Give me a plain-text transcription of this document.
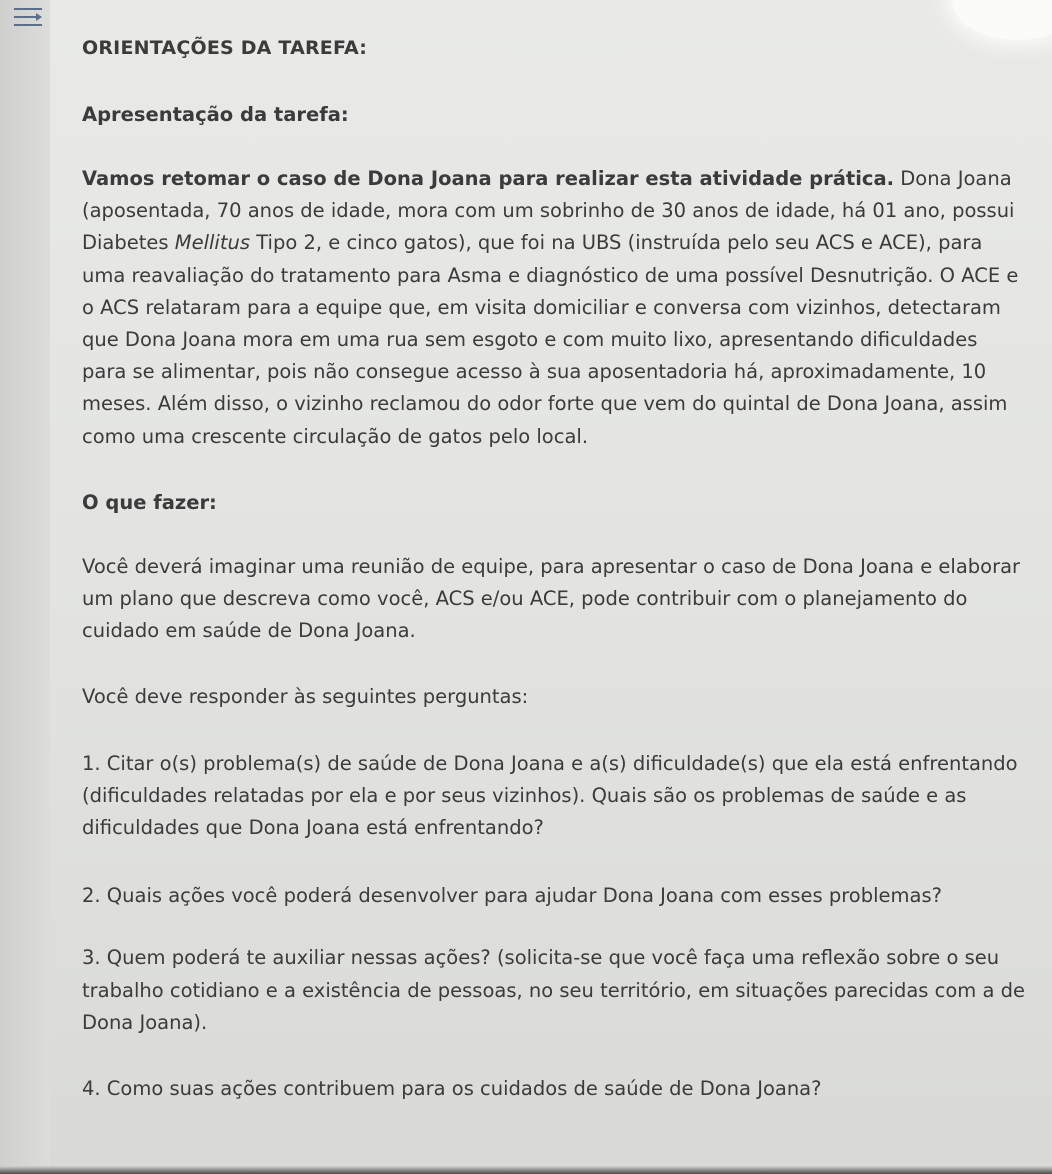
ORIENTAÇÕES DA TAREFA:
Apresentação da tarefa:

Vamos retomar o caso de Dona Joana para realizar esta atividade prática. Dona Joana (aposentada, 70 anos de idade, mora com um sobrinho de 30 anos de idade, há 01 ano, possui Diabetes Mellitus Tipo 2, e cinco gatos), que foi na UBS (instruída pelo seu ACS e ACE), para uma reavaliação do tratamento para Asma e diagnóstico de uma possível Desnutrição. O ACE e o ACS relataram para a equipe que, em visita domiciliar e conversa com vizinhos, detectaram que Dona Joana mora em uma rua sem esgoto e com muito lixo, apresentando dificuldades para se alimentar, pois não consegue acesso à sua aposentadoria há, aproximadamente, 10 meses. Além disso, o vizinho reclamou do odor forte que vem do quintal de Dona Joana, assim como uma crescente circulação de gatos pelo local.

O que fazer:

Você deverá imaginar uma reunião de equipe, para apresentar o caso de Dona Joana e elaborar um plano que descreva como você, ACS e/ou ACE, pode contribuir com o planejamento do cuidado em saúde de Dona Joana.

Você deve responder às seguintes perguntas:

1. Citar o(s) problema(s) de saúde de Dona Joana e a(s) dificuldade(s) que ela está enfrentando (dificuldades relatadas por ela e por seus vizinhos). Quais são os problemas de saúde e as dificuldades que Dona Joana está enfrentando?

2. Quais ações você poderá desenvolver para ajudar Dona Joana com esses problemas?

3. Quem poderá te auxiliar nessas ações? (solicita-se que você faça uma reflexão sobre o seu trabalho cotidiano e a existência de pessoas, no seu território, em situações parecidas com a de Dona Joana).

4. Como suas ações contribuem para os cuidados de saúde de Dona Joana?
